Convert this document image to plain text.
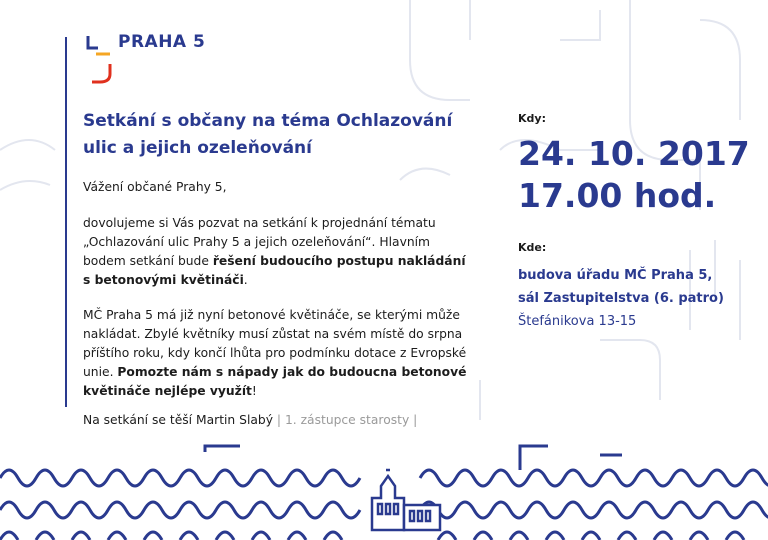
PRAHA 5
Setkání s občany na téma Ochlazování
ulic a jejich ozeleňování
Vážení občané Prahy 5,
dovolujeme si Vás pozvat na setkání k projednání tématu
„Ochlazování ulic Prahy 5 a jejich ozeleňování“. Hlavním
bodem setkání bude řešení budoucího postupu nakládání
s betonovými květináči.
MČ Praha 5 má již nyní betonové květináče, se kterými může
nakládat. Zbylé květníky musí zůstat na svém místě do srpna
příštího roku, kdy končí lhůta pro podmínku dotace z Evropské
unie. Pomozte nám s nápady jak do budoucna betonové
květináče nejlépe využít!
Na setkání se těší Martin Slabý | 1. zástupce starosty |
Kdy:
24. 10. 2017
17.00 hod.
Kde:
budova úřadu MČ Praha 5,
sál Zastupitelstva (6. patro)
Štefánikova 13-15
